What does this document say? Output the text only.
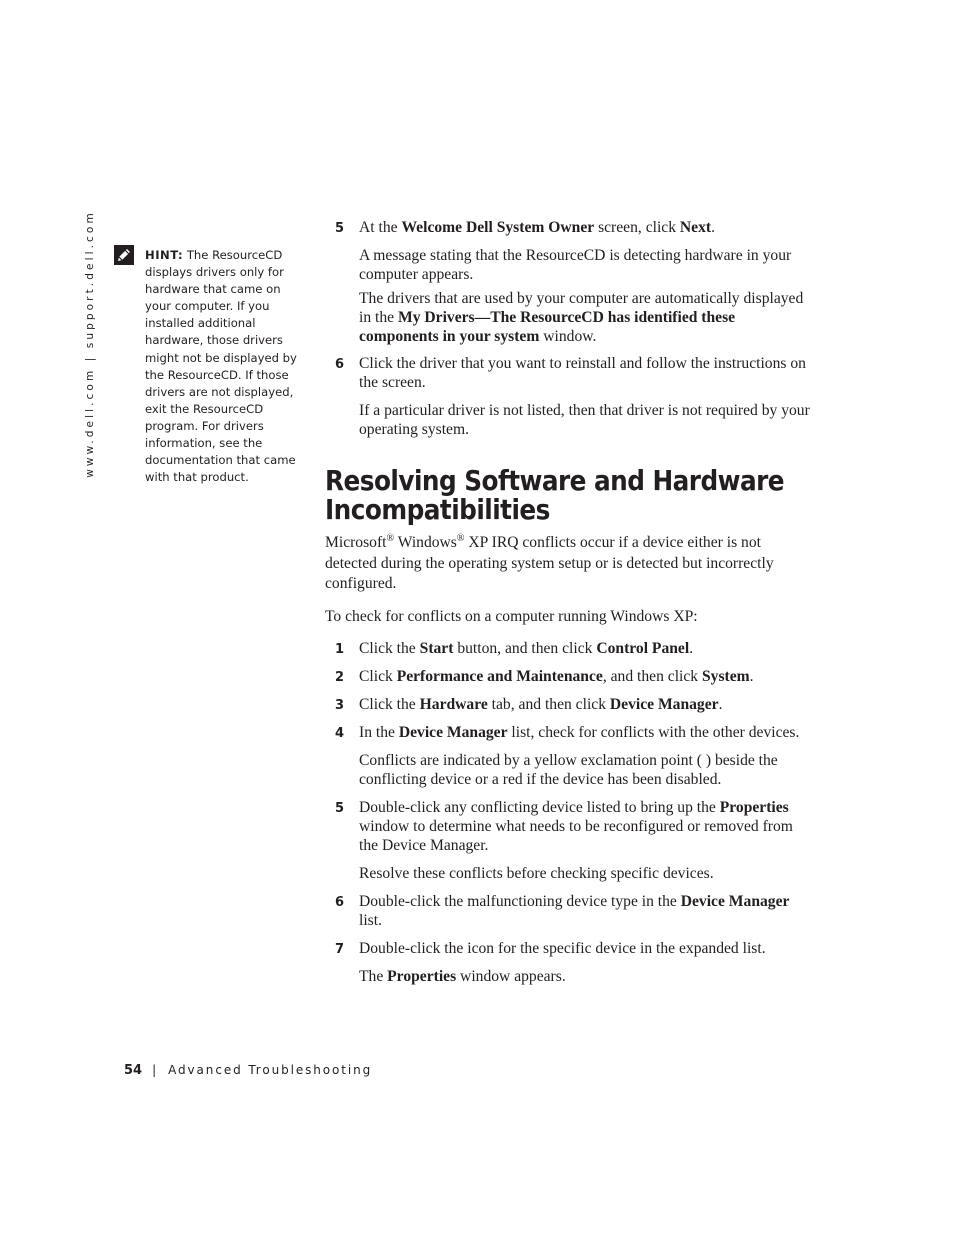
www.dell.com | support.dell.com	HINT: The ResourceCD displays drivers only for hardware that came on your computer. If you installed additional hardware, those drivers might not be displayed by the ResourceCD. If those drivers are not displayed, exit the ResourceCD program. For drivers information, see the documentation that came with that product.
5 At the Welcome Dell System Owner screen, click Next.
A message stating that the ResourceCD is detecting hardware in your computer appears.
The drivers that are used by your computer are automatically displayed in the My Drivers—The ResourceCD has identified these components in your system window.
6 Click the driver that you want to reinstall and follow the instructions on the screen.
If a particular driver is not listed, then that driver is not required by your operating system.
Resolving Software and Hardware Incompatibilities
Microsoft® Windows® XP IRQ conflicts occur if a device either is not detected during the operating system setup or is detected but incorrectly configured.
To check for conflicts on a computer running Windows XP:
1 Click the Start button, and then click Control Panel.
2 Click Performance and Maintenance, and then click System.
3 Click the Hardware tab, and then click Device Manager.
4 In the Device Manager list, check for conflicts with the other devices.
Conflicts are indicated by a yellow exclamation point ( ) beside the conflicting device or a red if the device has been disabled.
5 Double-click any conflicting device listed to bring up the Properties window to determine what needs to be reconfigured or removed from the Device Manager.
Resolve these conflicts before checking specific devices.
6 Double-click the malfunctioning device type in the Device Manager list.
7 Double-click the icon for the specific device in the expanded list.
The Properties window appears.
54 | Advanced Troubleshooting
